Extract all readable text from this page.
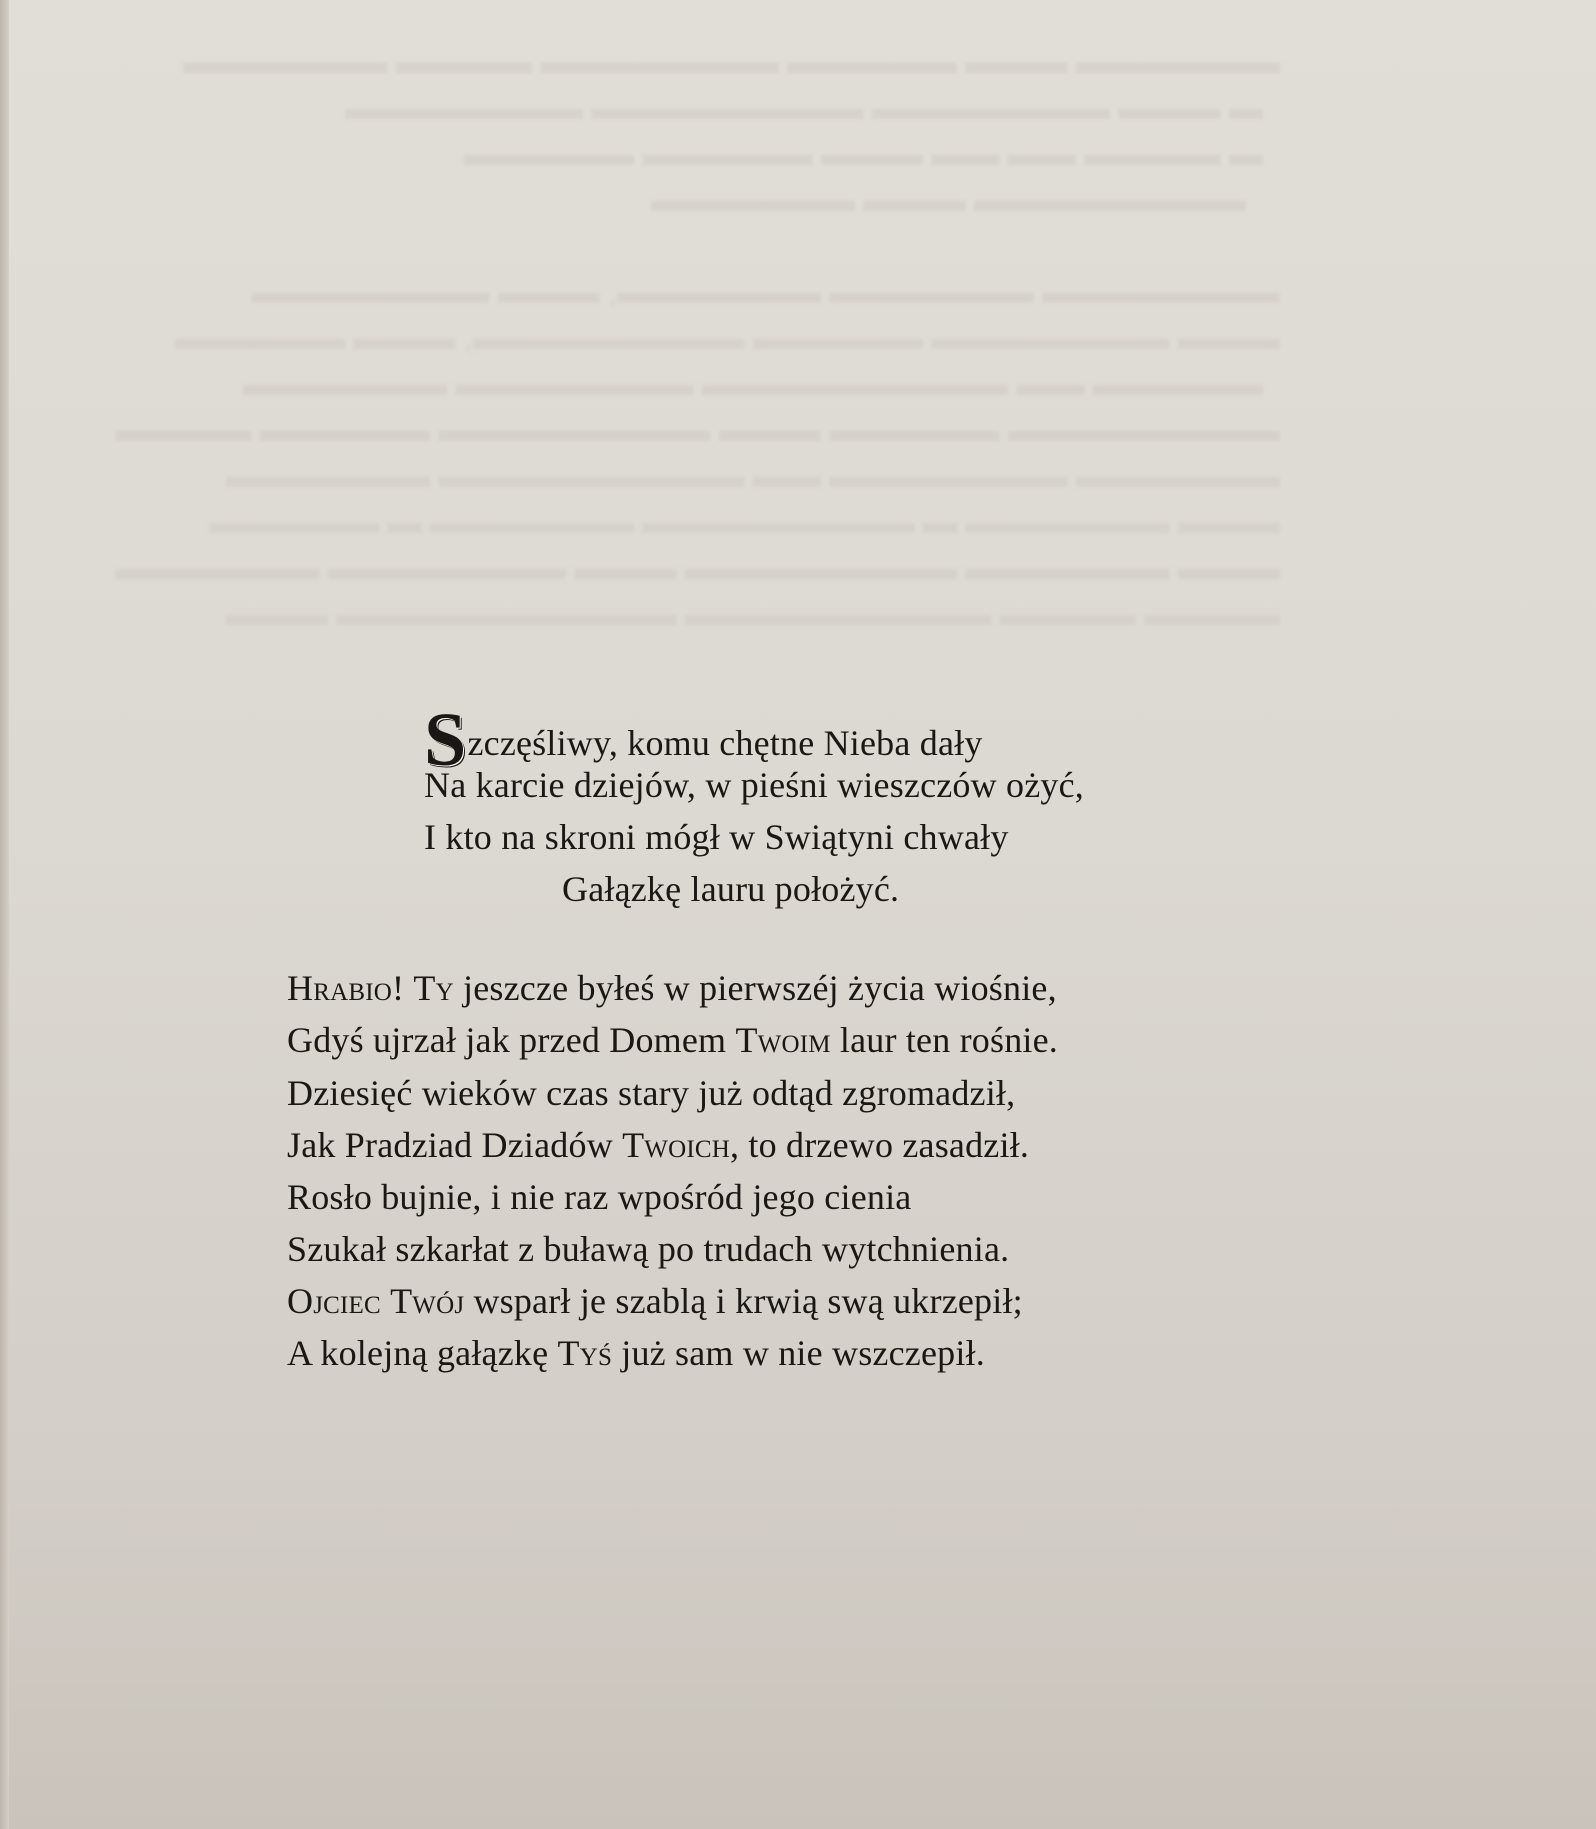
▬▬▬▬▬▬ ▬▬▬ ▬▬▬▬▬ ▬▬▬▬▬▬▬ ▬▬▬▬ ▬▬▬▬▬▬
▬ ▬▬▬ ▬▬▬▬▬▬▬ ▬▬▬▬▬▬▬▬ ▬▬▬▬▬▬▬
▬ ▬▬▬▬ ▬▬ ▬▬ ▬▬▬ ▬▬▬▬▬ ▬▬▬▬▬
▬▬▬▬▬▬▬▬ ▬▬▬ ▬▬▬▬▬▬

▬▬▬▬▬▬▬ ▬▬▬▬▬▬ ▬▬▬▬▬▬, ▬▬▬ ▬▬▬▬▬▬▬
▬▬▬ ▬▬▬▬▬▬▬ ▬▬▬▬▬ ▬▬▬▬▬▬▬▬, ▬▬▬ ▬▬▬▬▬
▬▬▬▬▬ ▬▬ ▬▬▬▬▬▬▬▬▬ ▬▬▬▬▬▬▬ ▬▬▬▬▬▬
▬▬▬▬▬▬▬▬ ▬▬▬▬▬ ▬▬▬ ▬▬▬▬▬▬▬▬ ▬▬▬▬▬ ▬▬▬▬
▬▬▬▬▬▬ ▬▬▬▬▬▬▬ ▬▬ ▬▬▬▬▬▬▬▬▬ ▬▬▬▬▬▬
▬▬▬ ▬▬▬▬▬▬ ▬ ▬▬▬▬▬▬▬▬ ▬▬▬▬▬▬ ▬ ▬▬▬▬▬
▬▬▬ ▬▬▬▬▬▬ ▬▬▬▬▬▬▬▬ ▬▬▬ ▬▬▬▬▬▬▬ ▬▬▬▬▬▬
▬▬▬▬ ▬▬▬▬ ▬▬▬▬▬▬▬▬▬ ▬▬▬▬▬▬▬▬▬▬ ▬▬▬
Szczęśliwy, komu chętne Nieba dały
Na karcie dziejów, w pieśni wieszczów ożyć,
I kto na skroni mógł w Swiątyni chwały
Gałązkę lauru położyć.
Hrabio! Ty jeszcze byłeś w pierwszéj życia wiośnie,
Gdyś ujrzał jak przed Domem Twoim laur ten rośnie.
Dziesięć wieków czas stary już odtąd zgromadził,
Jak Pradziad Dziadów Twoich, to drzewo zasadził.
Rosło bujnie, i nie raz wpośród jego cienia
Szukał szkarłat z buławą po trudach wytchnienia.
Ojciec Twój wsparł je szablą i krwią swą ukrzepił;
A kolejną gałązkę Tyś już sam w nie wszczepił.
